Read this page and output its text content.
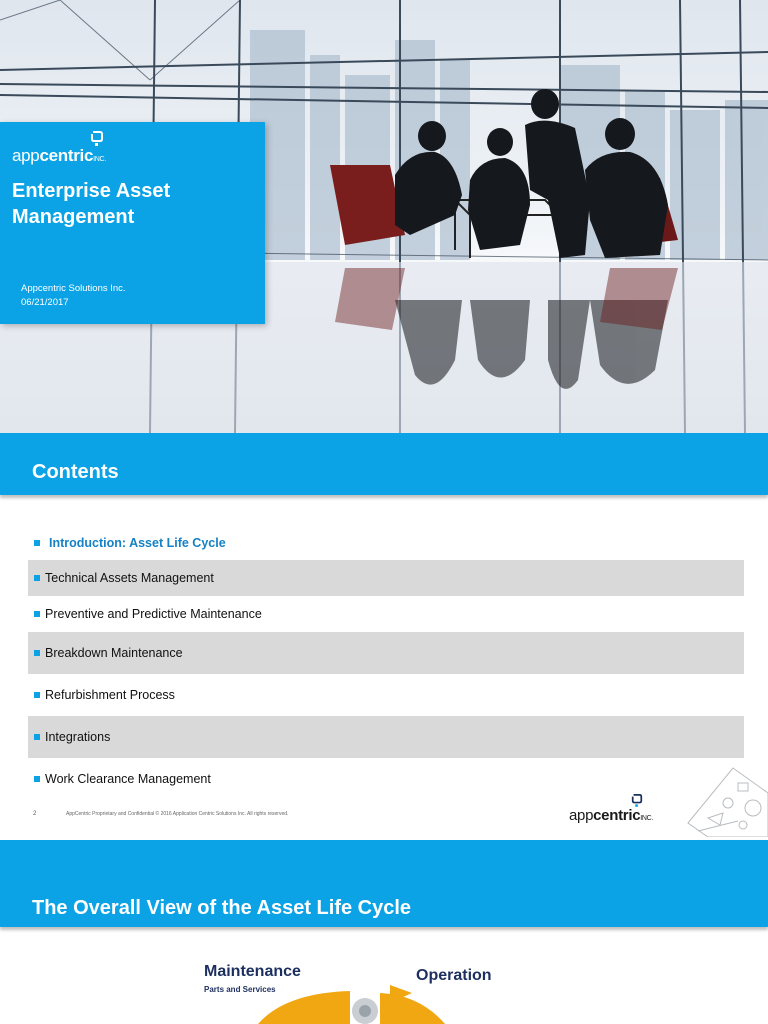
appcentricINC.
Enterprise Asset Management
Appcentric Solutions Inc.
06/21/2017
Contents
Introduction: Asset Life Cycle
Technical Assets Management
Preventive and Predictive Maintenance
Breakdown Maintenance
Refurbishment Process
Integrations
Work Clearance Management
2	AppCentric Proprietary and Confidential © 2016 Application Centric Solutions Inc. All rights reserved.	appcentricINC.
The Overall View of the Asset Life Cycle
Maintenance
Parts and Services
Operation
